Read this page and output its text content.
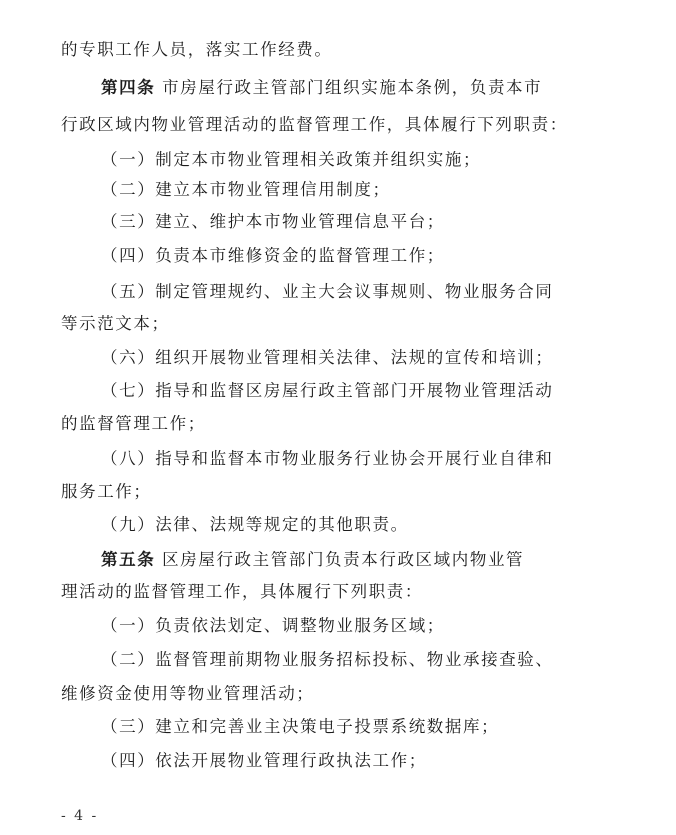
的专职工作人员，落实工作经费。
第四条 市房屋行政主管部门组织实施本条例，负责本市
行政区域内物业管理活动的监督管理工作，具体履行下列职责：
（一）制定本市物业管理相关政策并组织实施；
（二）建立本市物业管理信用制度；
（三）建立、维护本市物业管理信息平台；
（四）负责本市维修资金的监督管理工作；
（五）制定管理规约、业主大会议事规则、物业服务合同
等示范文本；
（六）组织开展物业管理相关法律、法规的宣传和培训；
（七）指导和监督区房屋行政主管部门开展物业管理活动
的监督管理工作；
（八）指导和监督本市物业服务行业协会开展行业自律和
服务工作；
（九）法律、法规等规定的其他职责。
第五条 区房屋行政主管部门负责本行政区域内物业管
理活动的监督管理工作，具体履行下列职责：
（一）负责依法划定、调整物业服务区域；
（二）监督管理前期物业服务招标投标、物业承接查验、
维修资金使用等物业管理活动；
（三）建立和完善业主决策电子投票系统数据库；
（四）依法开展物业管理行政执法工作；
- 4 -
